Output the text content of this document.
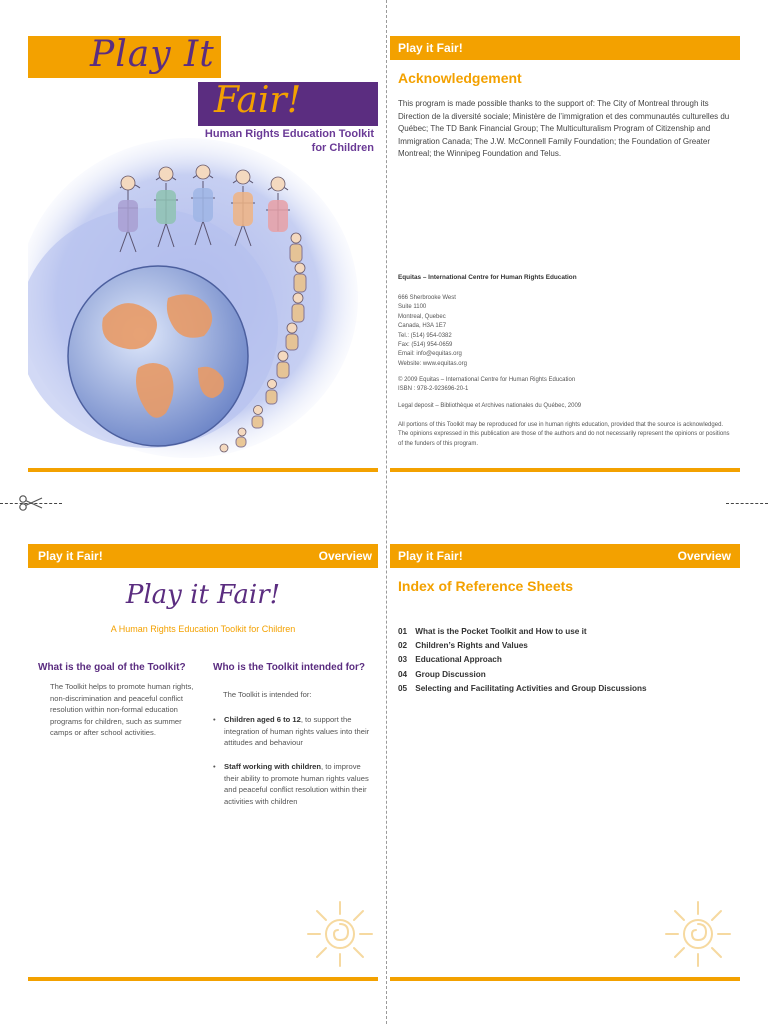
Play It
Fair!
Human Rights Education Toolkit
for Children
Play it Fair!
Acknowledgement
This program is made possible thanks to the support of: The City of Montreal through its Direction de la diversité sociale; Ministère de l’immigration et des communautés culturelles du Québec; The TD Bank Financial Group; The Multiculturalism Program of Citizenship and Immigration Canada; The J.W. McConnell Family Foundation; the Foundation of Greater Montreal; the Winnipeg Foundation and Telus.
Equitas – International Centre for Human Rights Education
666 Sherbrooke West
Suite 1100
Montreal, Quebec
Canada, H3A 1E7
Tel.: (514) 954-0382
Fax: (514) 954-0659
Email: info@equitas.org
Website: www.equitas.org
© 2009 Equitas – International Centre for Human Rights Education
ISBN : 978-2-923696-20-1
Legal deposit – Bibliothèque et Archives nationales du Québec, 2009
All portions of this Toolkit may be reproduced for use in human rights education, provided that the source is acknowledged. The opinions expressed in this publication are those of the authors and do not necessarily represent the opinions or positions of the funders of this program.
Play it Fair!	Overview
Play it Fair!
A Human Rights Education Toolkit for Children
What is the goal of the Toolkit?
The Toolkit helps to promote human rights, non-discrimination and peaceful conflict resolution within non-formal education programs for children, such as summer camps or after school activities.
Who is the Toolkit intended for?
The Toolkit is intended for:
• Children aged 6 to 12, to support the integration of human rights values into their attitudes and behaviour
• Staff working with children, to improve their ability to promote human rights values and peaceful conflict resolution within their activities with children
Play it Fair!	Overview
Index of Reference Sheets
01 What is the Pocket Toolkit and How to use it
02 Children’s Rights and Values
03 Educational Approach
04 Group Discussion
05 Selecting and Facilitating Activities and Group Discussions
